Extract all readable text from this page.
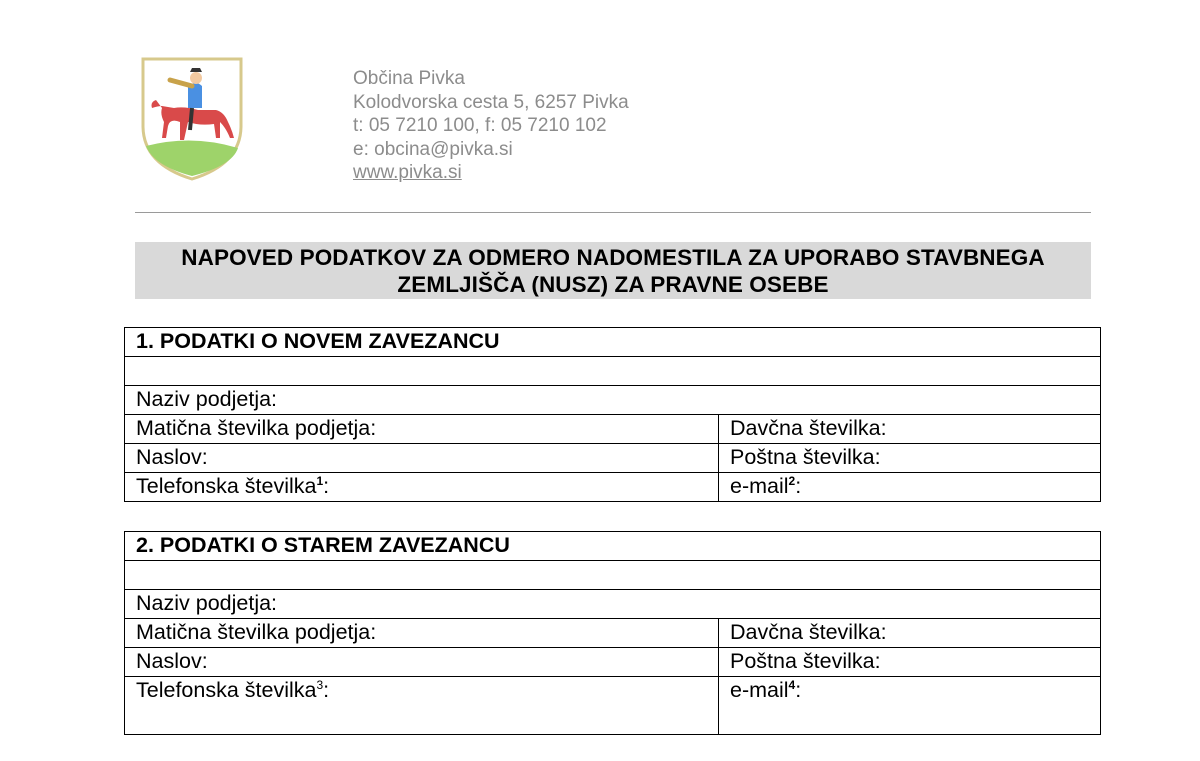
Občina Pivka
Kolodvorska cesta 5, 6257 Pivka
t: 05 7210 100, f: 05 7210 102
e: obcina@pivka.si
www.pivka.si
NAPOVED PODATKOV ZA ODMERO NADOMESTILA ZA UPORABO STAVBNEGA
ZEMLJIŠČA (NUSZ) ZA PRAVNE OSEBE
1. PODATKI O NOVEM ZAVEZANCU	

Naziv podjetja:	
Matična številka podjetja:	Davčna številka:
Naslov:	Poštna številka:
Telefonska številka$^1$:	e-mail$^2$:
2. PODATKI O STAREM ZAVEZANCU	

Naziv podjetja:	
Matična številka podjetja:	Davčna številka:
Naslov:	Poštna številka:
Telefonska številka$^3$:	e-mail$^4$:
